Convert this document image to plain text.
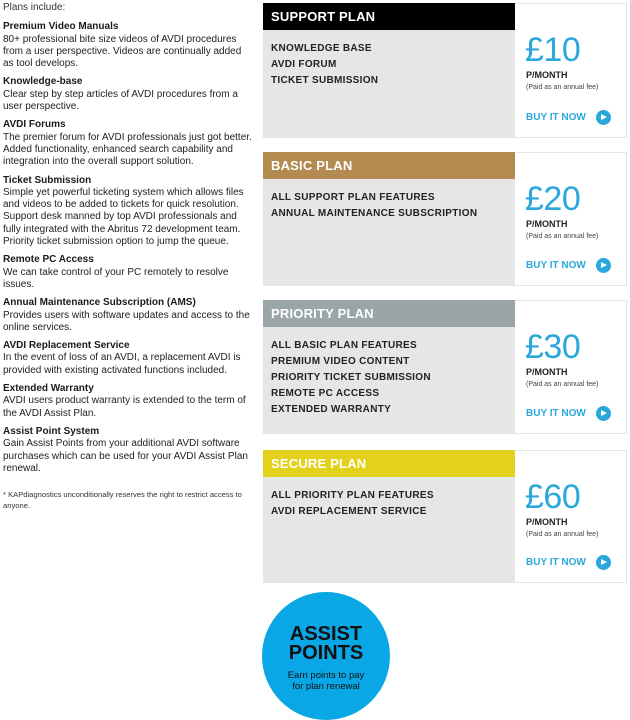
Plans include:
Premium Video Manuals
80+ professional bite size videos of AVDI procedures from a user perspective. Videos are continually added as tool develops.
Knowledge-base
Clear step by step articles of AVDI procedures from a user perspective.
AVDI Forums
The premier forum for AVDI professionals just got better. Added functionality, enhanced search capability and integration into the overall support solution.
Ticket Submission
Simple yet powerful ticketing system which allows files and videos to be added to tickets for quick resolution. Support desk manned by top AVDI professionals and fully integrated with the Abritus 72 development team. Priority ticket submission option to jump the queue.
Remote PC Access
We can take control of your PC remotely to resolve issues.
Annual Maintenance Subscription (AMS)
Provides users with software updates and access to the online services.
AVDI Replacement Service
In the event of loss of an AVDI, a replacement AVDI is provided with existing activated functions included.
Extended Warranty
AVDI users product warranty is extended to the term of the AVDI Assist Plan.
Assist Point System
Gain Assist Points from your additional AVDI software purchases which can be used for your AVDI Assist Plan renewal.
* KAPdiagnostics unconditionally reserves the right to restrict access to anyone.
SUPPORT PLAN
KNOWLEDGE BASE
AVDI FORUM
TICKET SUBMISSION
£10
P/MONTH
(Paid as an annual fee)
BUY IT NOW
BASIC PLAN
ALL SUPPORT PLAN FEATURES
ANNUAL MAINTENANCE SUBSCRIPTION £20
P/MONTH
(Paid as an annual fee)
BUY IT NOW
PRIORITY PLAN
ALL BASIC PLAN FEATURES
PREMIUM VIDEO CONTENT
PRIORITY TICKET SUBMISSION
REMOTE PC ACCESS
EXTENDED WARRANTY
£30
P/MONTH
(Paid as an annual fee)
BUY IT NOW
SECURE PLAN
ALL PRIORITY PLAN FEATURES
AVDI REPLACEMENT SERVICE	£60
P/MONTH
(Paid as an annual fee)
BUY IT NOW
ASSIST
POINTS
Earn points to pay
for plan renewal
